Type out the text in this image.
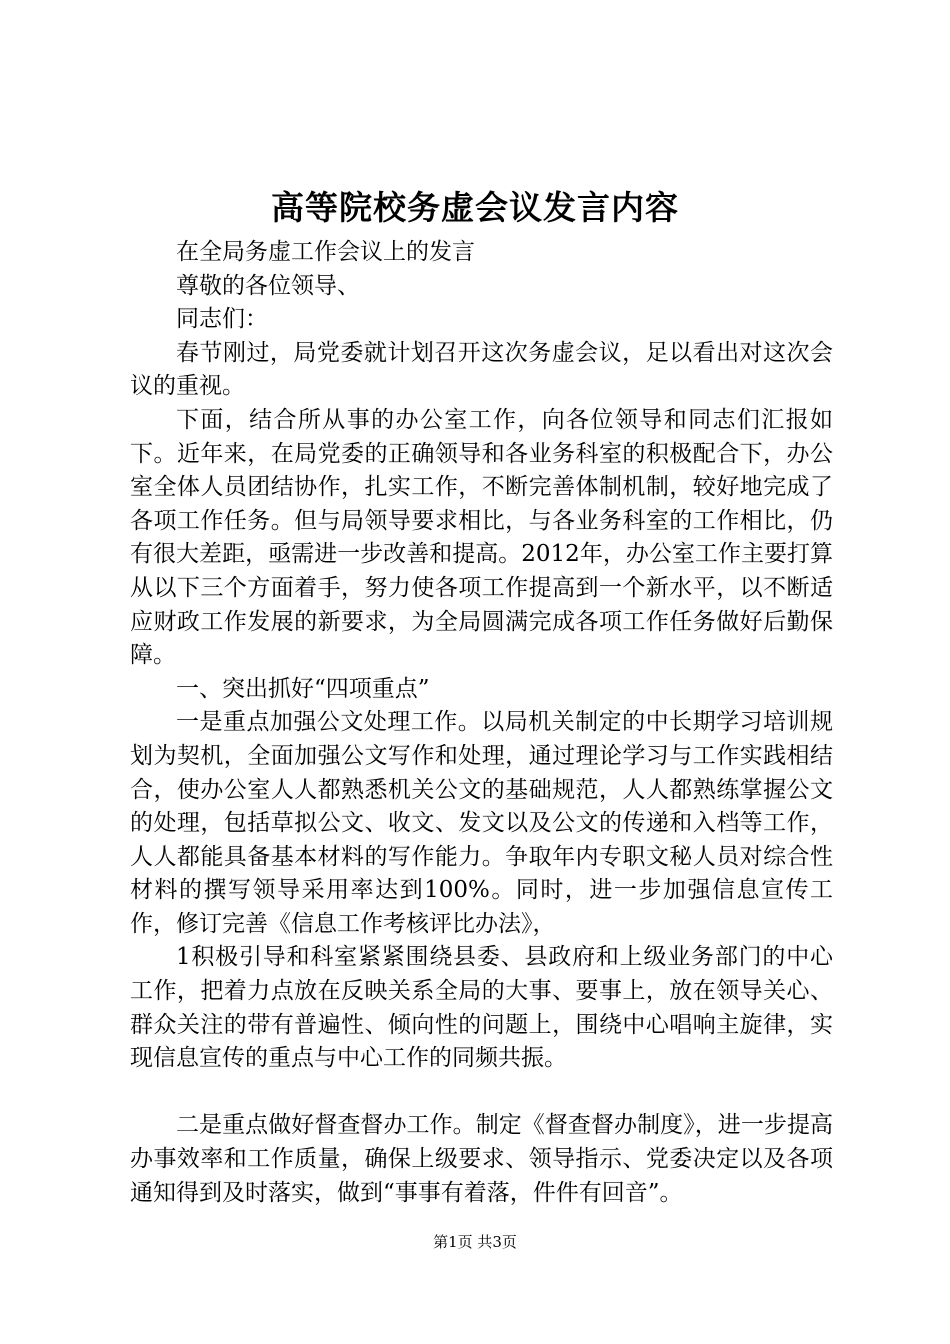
高等院校务虚会议发言内容

在全局务虚工作会议上的发言

尊敬的各位领导、

同志们：

春节刚过，局党委就计划召开这次务虚会议，足以看出对这次会议的重视。

下面，结合所从事的办公室工作，向各位领导和同志们汇报如下。近年来，在局党委的正确领导和各业务科室的积极配合下，办公室全体人员团结协作，扎实工作，不断完善体制机制，较好地完成了各项工作任务。但与局领导要求相比，与各业务科室的工作相比，仍有很大差距，亟需进一步改善和提高。2012年，办公室工作主要打算从以下三个方面着手，努力使各项工作提高到一个新水平，以不断适应财政工作发展的新要求，为全局圆满完成各项工作任务做好后勤保障。

一、突出抓好“四项重点”

一是重点加强公文处理工作。以局机关制定的中长期学习培训规划为契机，全面加强公文写作和处理，通过理论学习与工作实践相结合，使办公室人人都熟悉机关公文的基础规范，人人都熟练掌握公文的处理，包括草拟公文、收文、发文以及公文的传递和入档等工作，人人都能具备基本材料的写作能力。争取年内专职文秘人员对综合性材料的撰写领导采用率达到100%。同时，进一步加强信息宣传工作，修订完善《信息工作考核评比办法》，

1积极引导和科室紧紧围绕县委、县政府和上级业务部门的中心工作，把着力点放在反映关系全局的大事、要事上，放在领导关心、群众关注的带有普遍性、倾向性的问题上，围绕中心唱响主旋律，实现信息宣传的重点与中心工作的同频共振。

二是重点做好督查督办工作。制定《督查督办制度》，进一步提高办事效率和工作质量，确保上级要求、领导指示、党委决定以及各项通知得到及时落实，做到“事事有着落，件件有回音”。

第1页 共3页
